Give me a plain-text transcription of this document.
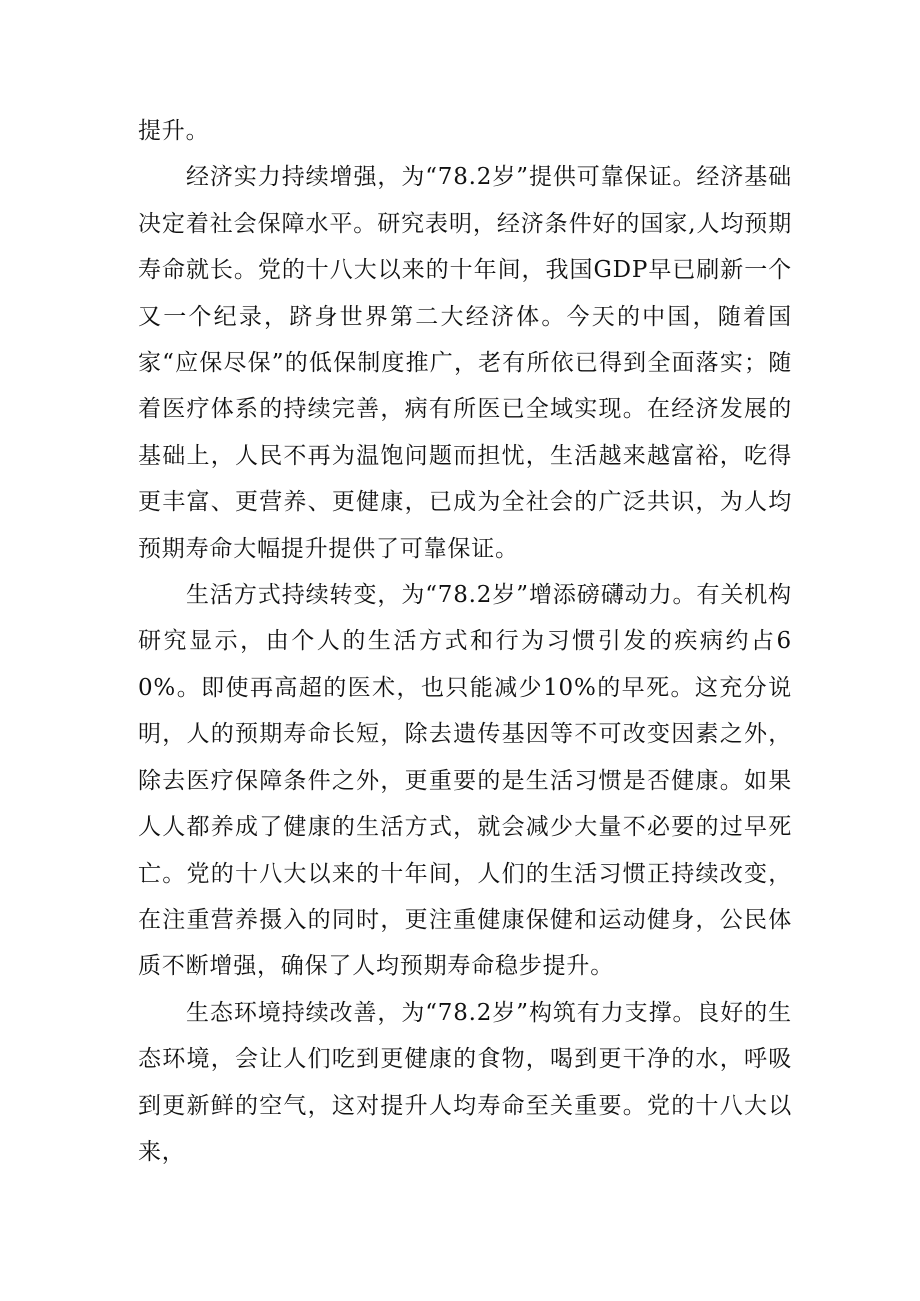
提升。

经济实力持续增强，为“78.2岁”提供可靠保证。经济基础决定着社会保障水平。研究表明，经济条件好的国家,人均预期寿命就长。党的十八大以来的十年间，我国GDP早已刷新一个又一个纪录，跻身世界第二大经济体。今天的中国，随着国家“应保尽保”的低保制度推广，老有所依已得到全面落实；随着医疗体系的持续完善，病有所医已全域实现。在经济发展的基础上，人民不再为温饱问题而担忧，生活越来越富裕，吃得更丰富、更营养、更健康，已成为全社会的广泛共识，为人均预期寿命大幅提升提供了可靠保证。

生活方式持续转变，为“78.2岁”增添磅礴动力。有关机构研究显示，由个人的生活方式和行为习惯引发的疾病约占60%。即使再高超的医术，也只能减少10%的早死。这充分说明，人的预期寿命长短，除去遗传基因等不可改变因素之外，除去医疗保障条件之外，更重要的是生活习惯是否健康。如果人人都养成了健康的生活方式，就会减少大量不必要的过早死亡。党的十八大以来的十年间，人们的生活习惯正持续改变，在注重营养摄入的同时，更注重健康保健和运动健身，公民体质不断增强，确保了人均预期寿命稳步提升。

生态环境持续改善，为“78.2岁”构筑有力支撑。良好的生态环境，会让人们吃到更健康的食物，喝到更干净的水，呼吸到更新鲜的空气，这对提升人均寿命至关重要。党的十八大以来，
